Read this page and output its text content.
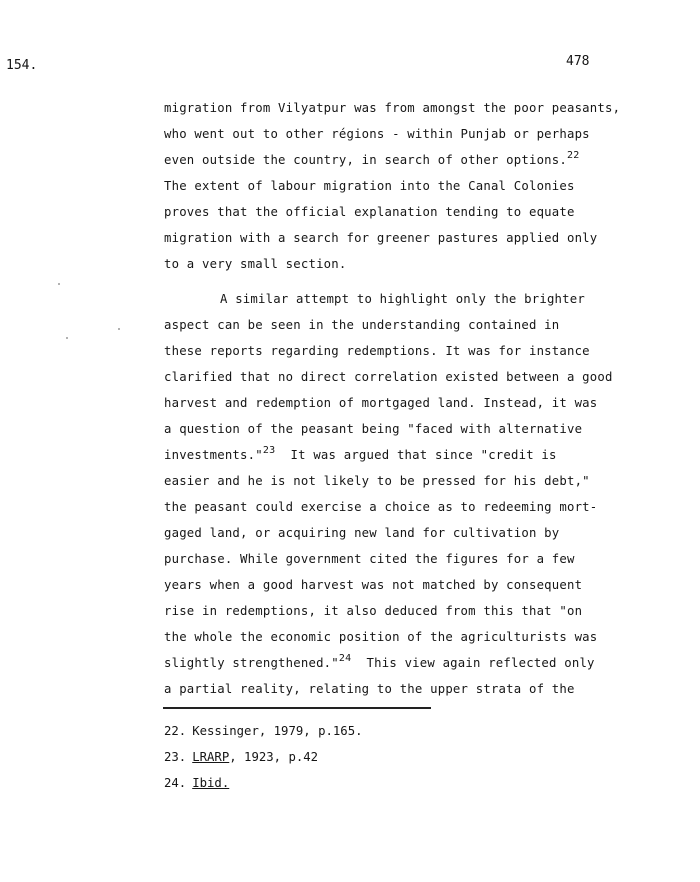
154.	478
migration from Vilyatpur was from amongst the poor peasants,
who went out to other régions - within Punjab or perhaps
even outside the country, in search of other options.$^{22}$
The extent of labour migration into the Canal Colonies
proves that the official explanation tending to equate
migration with a search for greener pastures applied only
to a very small section.
A similar attempt to highlight only the brighter
aspect can be seen in the understanding contained in
these reports regarding redemptions. It was for instance
clarified that no direct correlation existed between a good
harvest and redemption of mortgaged land. Instead, it was
a question of the peasant being "faced with alternative
investments."$^{23}$  It was argued that since "credit is
easier and he is not likely to be pressed for his debt,"
the peasant could exercise a choice as to redeeming mort-
gaged land, or acquiring new land for cultivation by
purchase. While government cited the figures for a few
years when a good harvest was not matched by consequent
rise in redemptions, it also deduced from this that "on
the whole the economic position of the agriculturists was
slightly strengthened."$^{24}$  This view again reflected only
a partial reality, relating to the upper strata of the
22. Kessinger, 1979, p.165.
23. LRARP, 1923, p.42
24. Ibid.
